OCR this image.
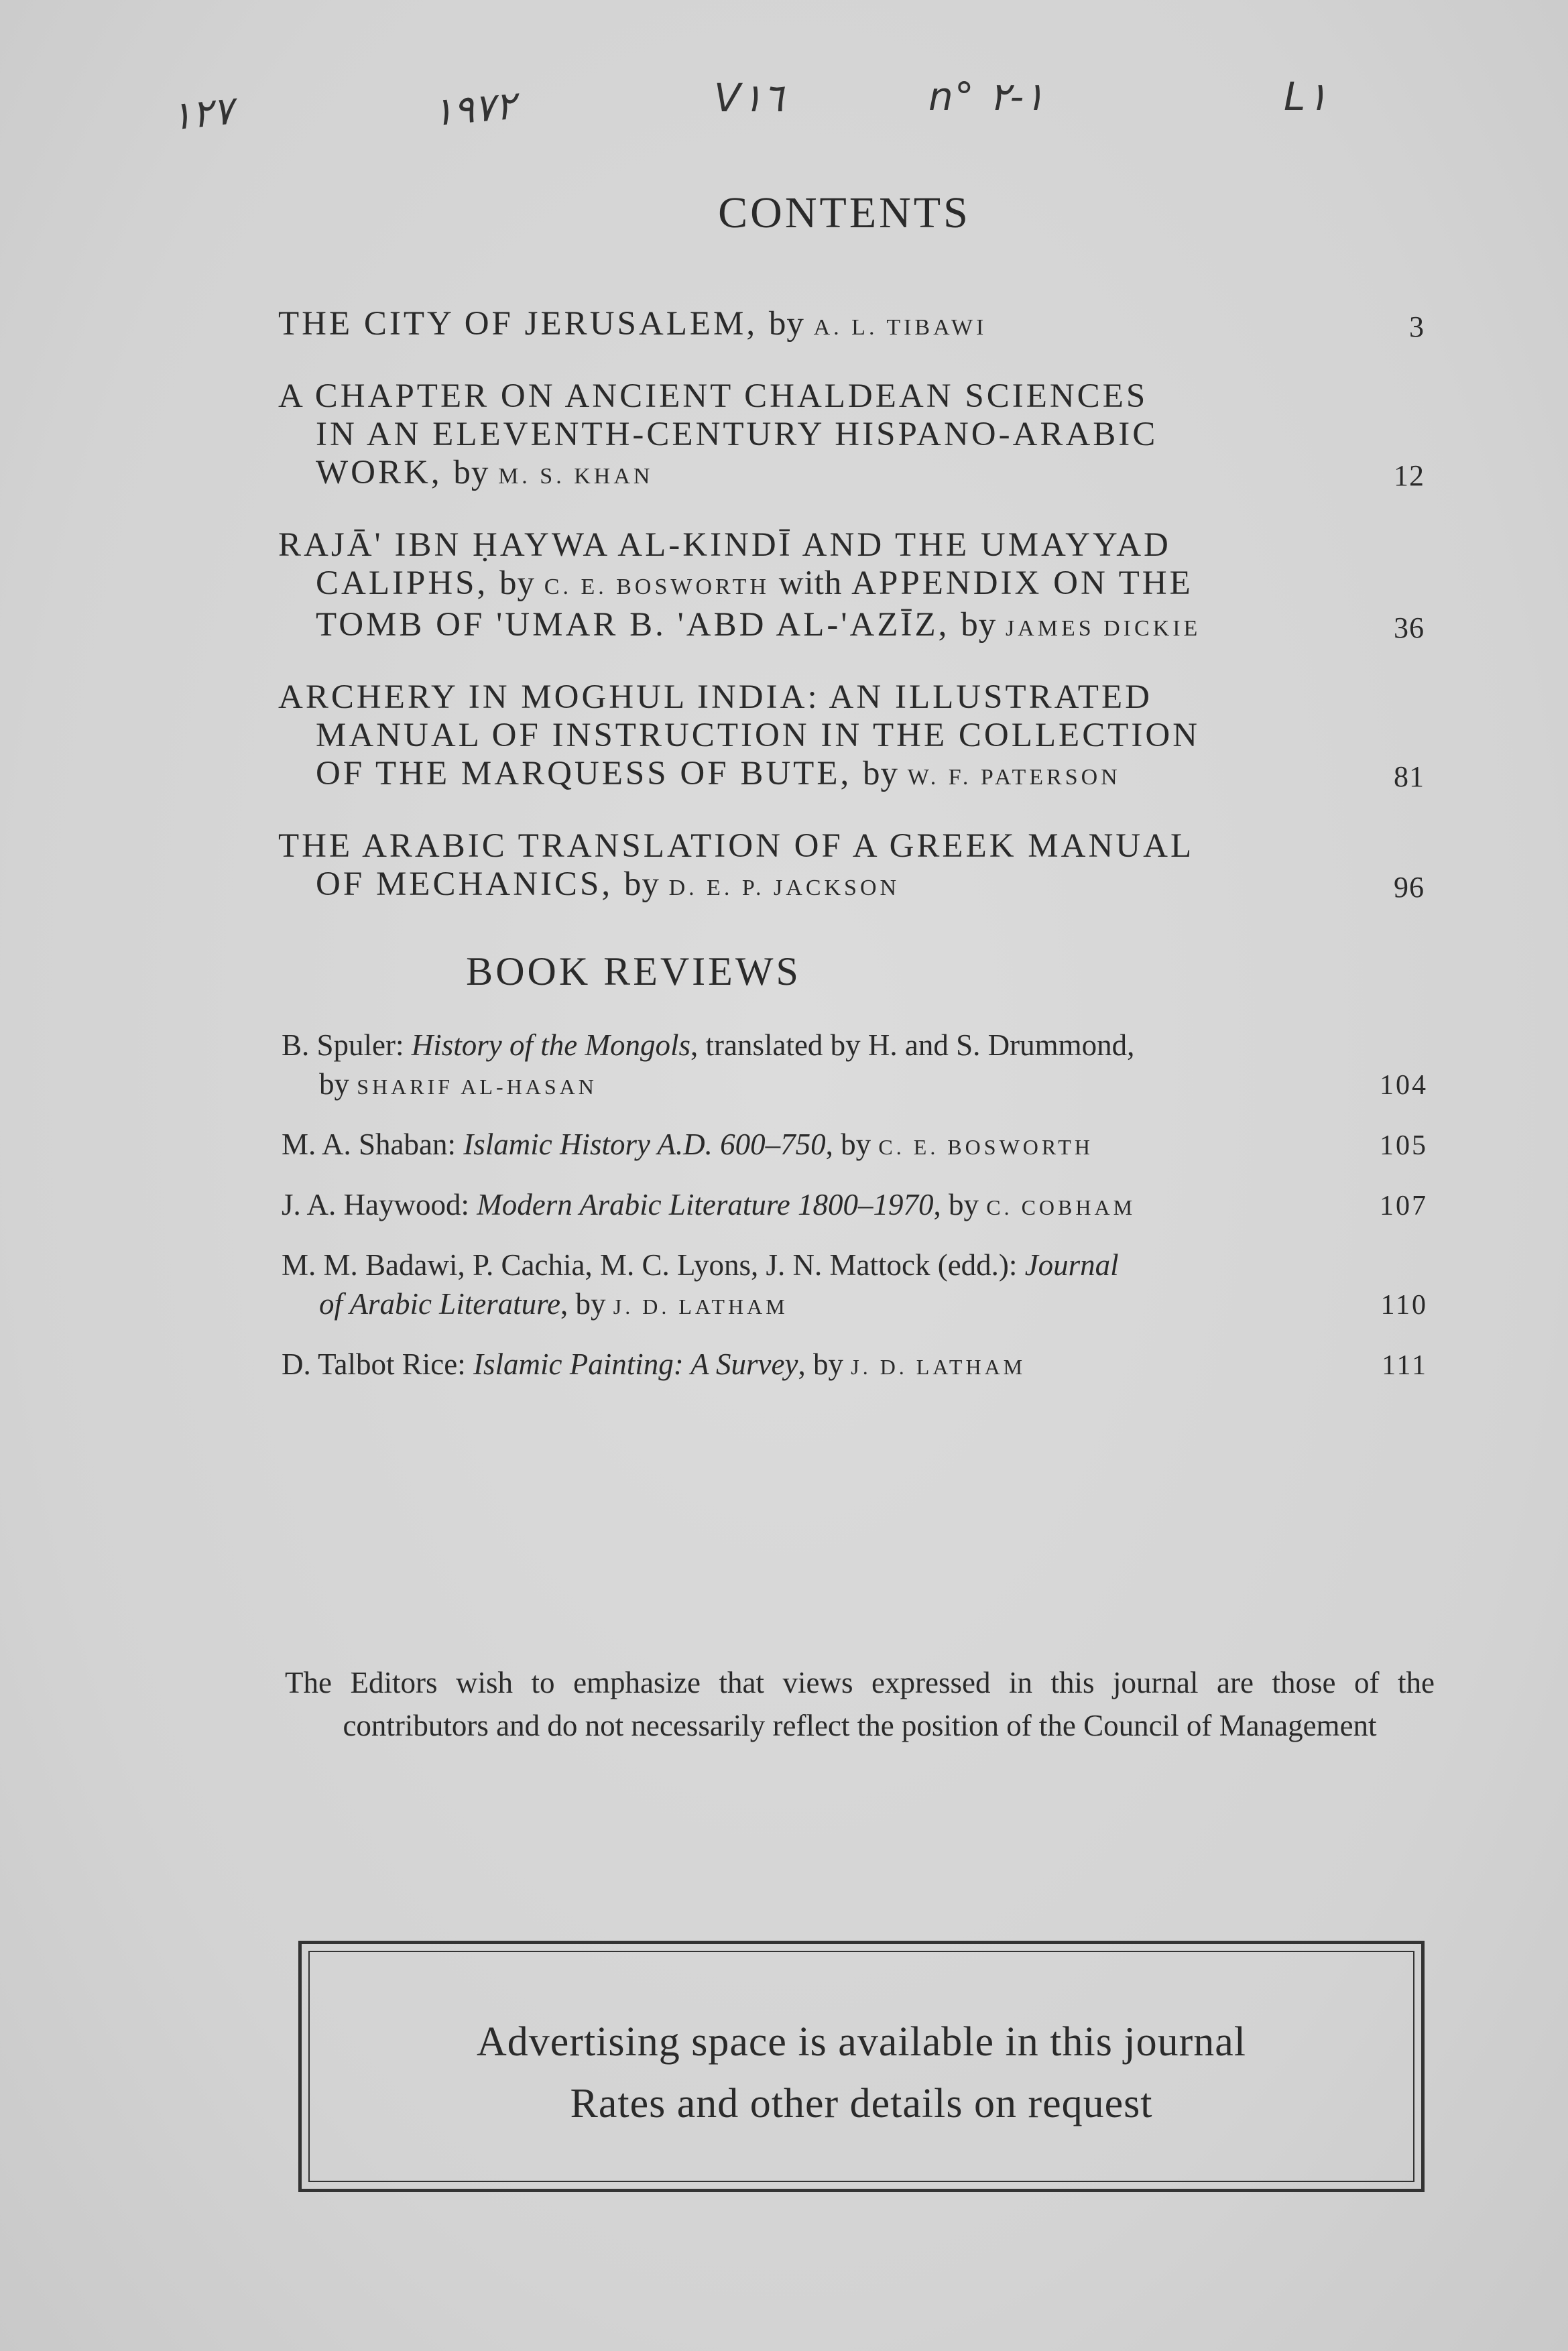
١٢٧	١٩٧٢	V١٦	n° ١-٢	L١
CONTENTS
THE CITY OF JERUSALEM, by A. L. TIBAWI	3
A CHAPTER ON ANCIENT CHALDEAN SCIENCES
IN AN ELEVENTH-CENTURY HISPANO-ARABIC
WORK, by M. S. KHAN	12
RAJĀ' IBN ḤAYWA AL-KINDĪ AND THE UMAYYAD
CALIPHS, by C. E. BOSWORTH with APPENDIX ON THE
TOMB OF 'UMAR B. 'ABD AL-'AZĪZ, by JAMES DICKIE	36
ARCHERY IN MOGHUL INDIA: AN ILLUSTRATED
MANUAL OF INSTRUCTION IN THE COLLECTION
OF THE MARQUESS OF BUTE, by W. F. PATERSON	81
THE ARABIC TRANSLATION OF A GREEK MANUAL
OF MECHANICS, by D. E. P. JACKSON	96
BOOK REVIEWS
B. Spuler: History of the Mongols, translated by H. and S. Drummond,
by SHARIF AL-HASAN	104
M. A. Shaban: Islamic History A.D. 600–750, by C. E. BOSWORTH	105
J. A. Haywood: Modern Arabic Literature 1800–1970, by C. COBHAM	107
M. M. Badawi, P. Cachia, M. C. Lyons, J. N. Mattock (edd.): Journal
of Arabic Literature, by J. D. LATHAM	110
D. Talbot Rice: Islamic Painting: A Survey, by J. D. LATHAM	111
The Editors wish to emphasize that views expressed in this journal are those of the contributors and do not necessarily reflect the position of the Council of Management
Advertising space is available in this journal
Rates and other details on request
